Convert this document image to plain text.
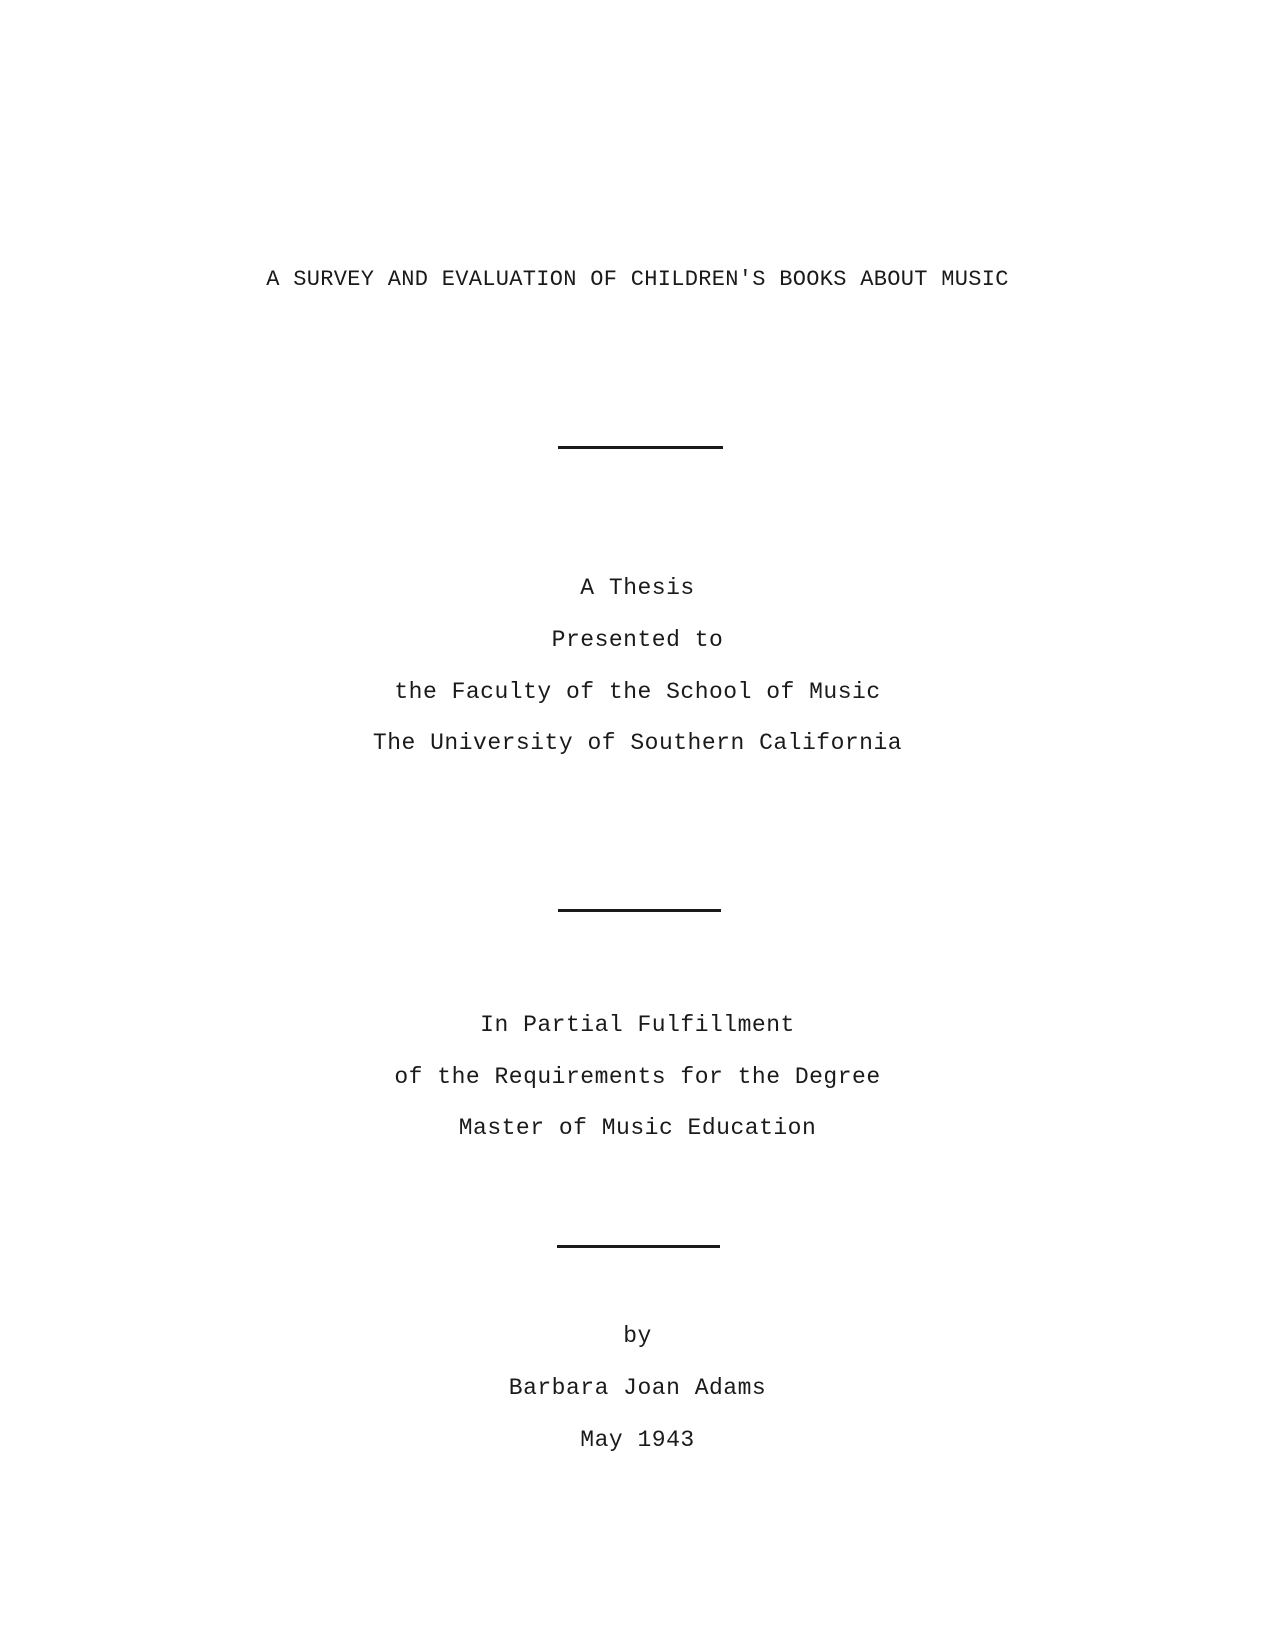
A SURVEY AND EVALUATION OF CHILDREN'S BOOKS ABOUT MUSIC
A Thesis
Presented to
the Faculty of the School of Music
The University of Southern California
In Partial Fulfillment
of the Requirements for the Degree
Master of Music Education
by
Barbara Joan Adams
May 1943
